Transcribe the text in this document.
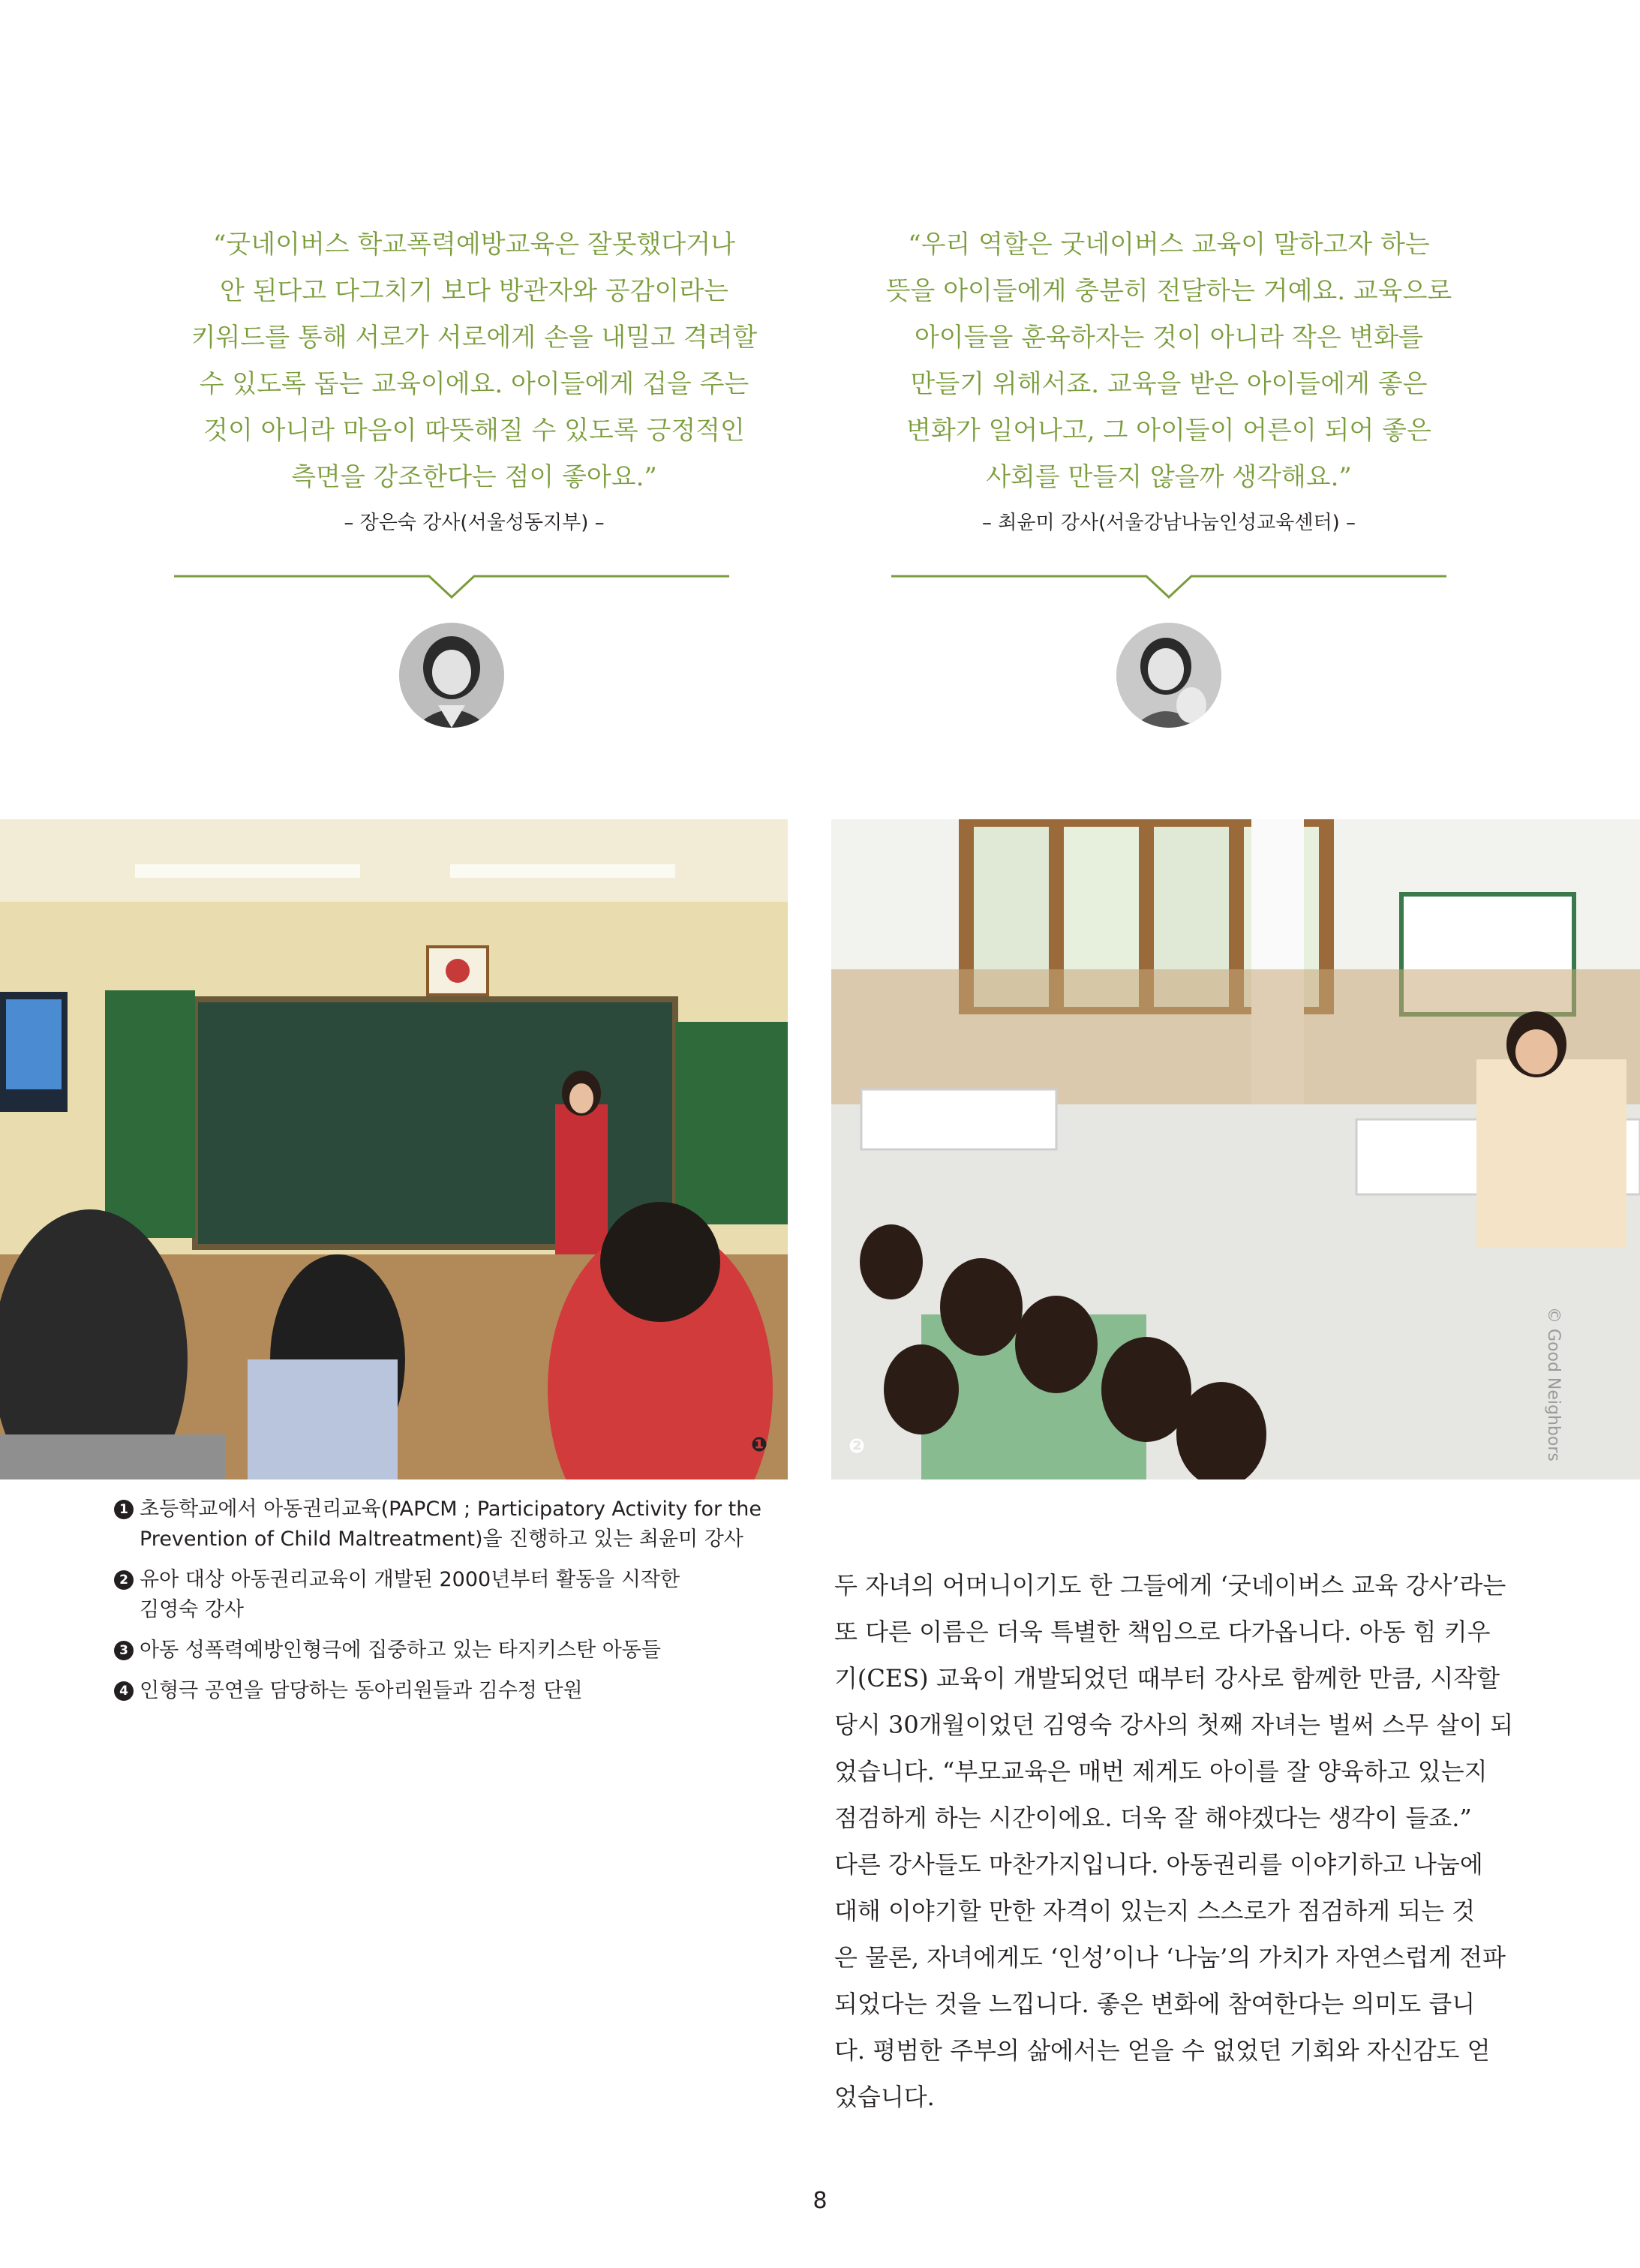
“굿네이버스 학교폭력예방교육은 잘못했다거나
안 된다고 다그치기 보다 방관자와 공감이라는
키워드를 통해 서로가 서로에게 손을 내밀고 격려할
수 있도록 돕는 교육이에요. 아이들에게 겁을 주는
것이 아니라 마음이 따뜻해질 수 있도록 긍정적인
측면을 강조한다는 점이 좋아요.”
– 장은숙 강사(서울성동지부) –
“우리 역할은 굿네이버스 교육이 말하고자 하는
뜻을 아이들에게 충분히 전달하는 거예요. 교육으로
아이들을 훈육하자는 것이 아니라 작은 변화를
만들기 위해서죠. 교육을 받은 아이들에게 좋은
변화가 일어나고, 그 아이들이 어른이 되어 좋은
사회를 만들지 않을까 생각해요.”
– 최윤미 강사(서울강남나눔인성교육센터) –
❶	❷	© Good Neighbors
1 초등학교에서 아동권리교육(PAPCM ; Participatory Activity for the
Prevention of Child Maltreatment)을 진행하고 있는 최윤미 강사
2 유아 대상 아동권리교육이 개발된 2000년부터 활동을 시작한
김영숙 강사
3 아동 성폭력예방인형극에 집중하고 있는 타지키스탄 아동들
4 인형극 공연을 담당하는 동아리원들과 김수정 단원
두 자녀의 어머니이기도 한 그들에게 ‘굿네이버스 교육 강사’라는
또 다른 이름은 더욱 특별한 책임으로 다가옵니다. 아동 힘 키우
기(CES) 교육이 개발되었던 때부터 강사로 함께한 만큼, 시작할
당시 30개월이었던 김영숙 강사의 첫째 자녀는 벌써 스무 살이 되
었습니다. “부모교육은 매번 제게도 아이를 잘 양육하고 있는지
점검하게 하는 시간이에요. 더욱 잘 해야겠다는 생각이 들죠.”
다른 강사들도 마찬가지입니다. 아동권리를 이야기하고 나눔에
대해 이야기할 만한 자격이 있는지 스스로가 점검하게 되는 것
은 물론, 자녀에게도 ‘인성’이나 ‘나눔’의 가치가 자연스럽게 전파
되었다는 것을 느낍니다. 좋은 변화에 참여한다는 의미도 큽니
다. 평범한 주부의 삶에서는 얻을 수 없었던 기회와 자신감도 얻
었습니다.
8
